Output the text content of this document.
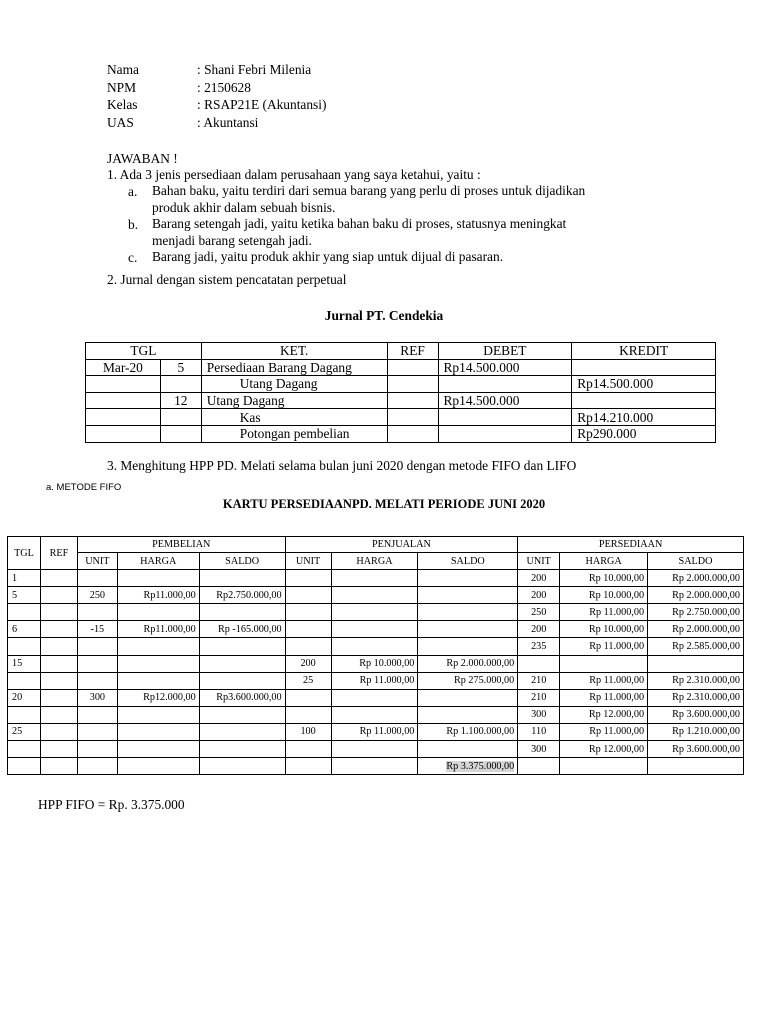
Nama	: Shani Febri Milenia
NPM	: 2150628
Kelas	: RSAP21E (Akuntansi)
UAS	: Akuntansi
JAWABAN !
1. Ada 3 jenis persediaan dalam perusahaan yang saya ketahui, yaitu :
a.	Bahan baku, yaitu terdiri dari semua barang yang perlu di proses untuk dijadikan produk akhir dalam sebuah bisnis.
b.	Barang setengah jadi, yaitu ketika bahan baku di proses, statusnya meningkat menjadi barang setengah jadi.
c.	Barang jadi, yaitu produk akhir yang siap untuk dijual di pasaran.
2. Jurnal dengan sistem pencatatan perpetual
Jurnal PT. Cendekia
TGL		KET.	REF	DEBET	KREDIT
Mar-20	5	Persediaan Barang Dagang		Rp14.500.000	
		Utang Dagang			Rp14.500.000
	12	Utang Dagang		Rp14.500.000	
		Kas			Rp14.210.000
		Potongan pembelian			Rp290.000
3. Menghitung HPP PD. Melati selama bulan juni 2020 dengan metode FIFO dan LIFO
a. METODE FIFO
KARTU PERSEDIAANPD. MELATI PERIODE JUNI 2020
TGL	REF	PEMBELIAN			PENJUALAN			PERSEDIAAN		
		UNIT	HARGA	SALDO	UNIT	HARGA	SALDO	UNIT	HARGA	SALDO
1								200	Rp 10.000,00	Rp 2.000.000,00
5		250	Rp11.000,00	Rp2.750.000,00				200	Rp 10.000,00	Rp 2.000.000,00
								250	Rp 11.000,00	Rp 2.750.000,00
6		-15	Rp11.000,00	Rp -165.000,00				200	Rp 10.000,00	Rp 2.000.000,00
								235	Rp 11.000,00	Rp 2.585.000,00
15					200	Rp 10.000,00	Rp 2.000.000,00			
					25	Rp 11.000,00	Rp 275.000,00	210	Rp 11.000,00	Rp 2.310.000,00
20		300	Rp12.000,00	Rp3.600.000,00				210	Rp 11.000,00	Rp 2.310.000,00
								300	Rp 12.000,00	Rp 3.600.000,00
25					100	Rp 11.000,00	Rp 1.100.000,00	110	Rp 11.000,00	Rp 1.210.000,00
								300	Rp 12.000,00	Rp 3.600.000,00
							Rp 3.375.000,00			
HPP FIFO = Rp. 3.375.000
